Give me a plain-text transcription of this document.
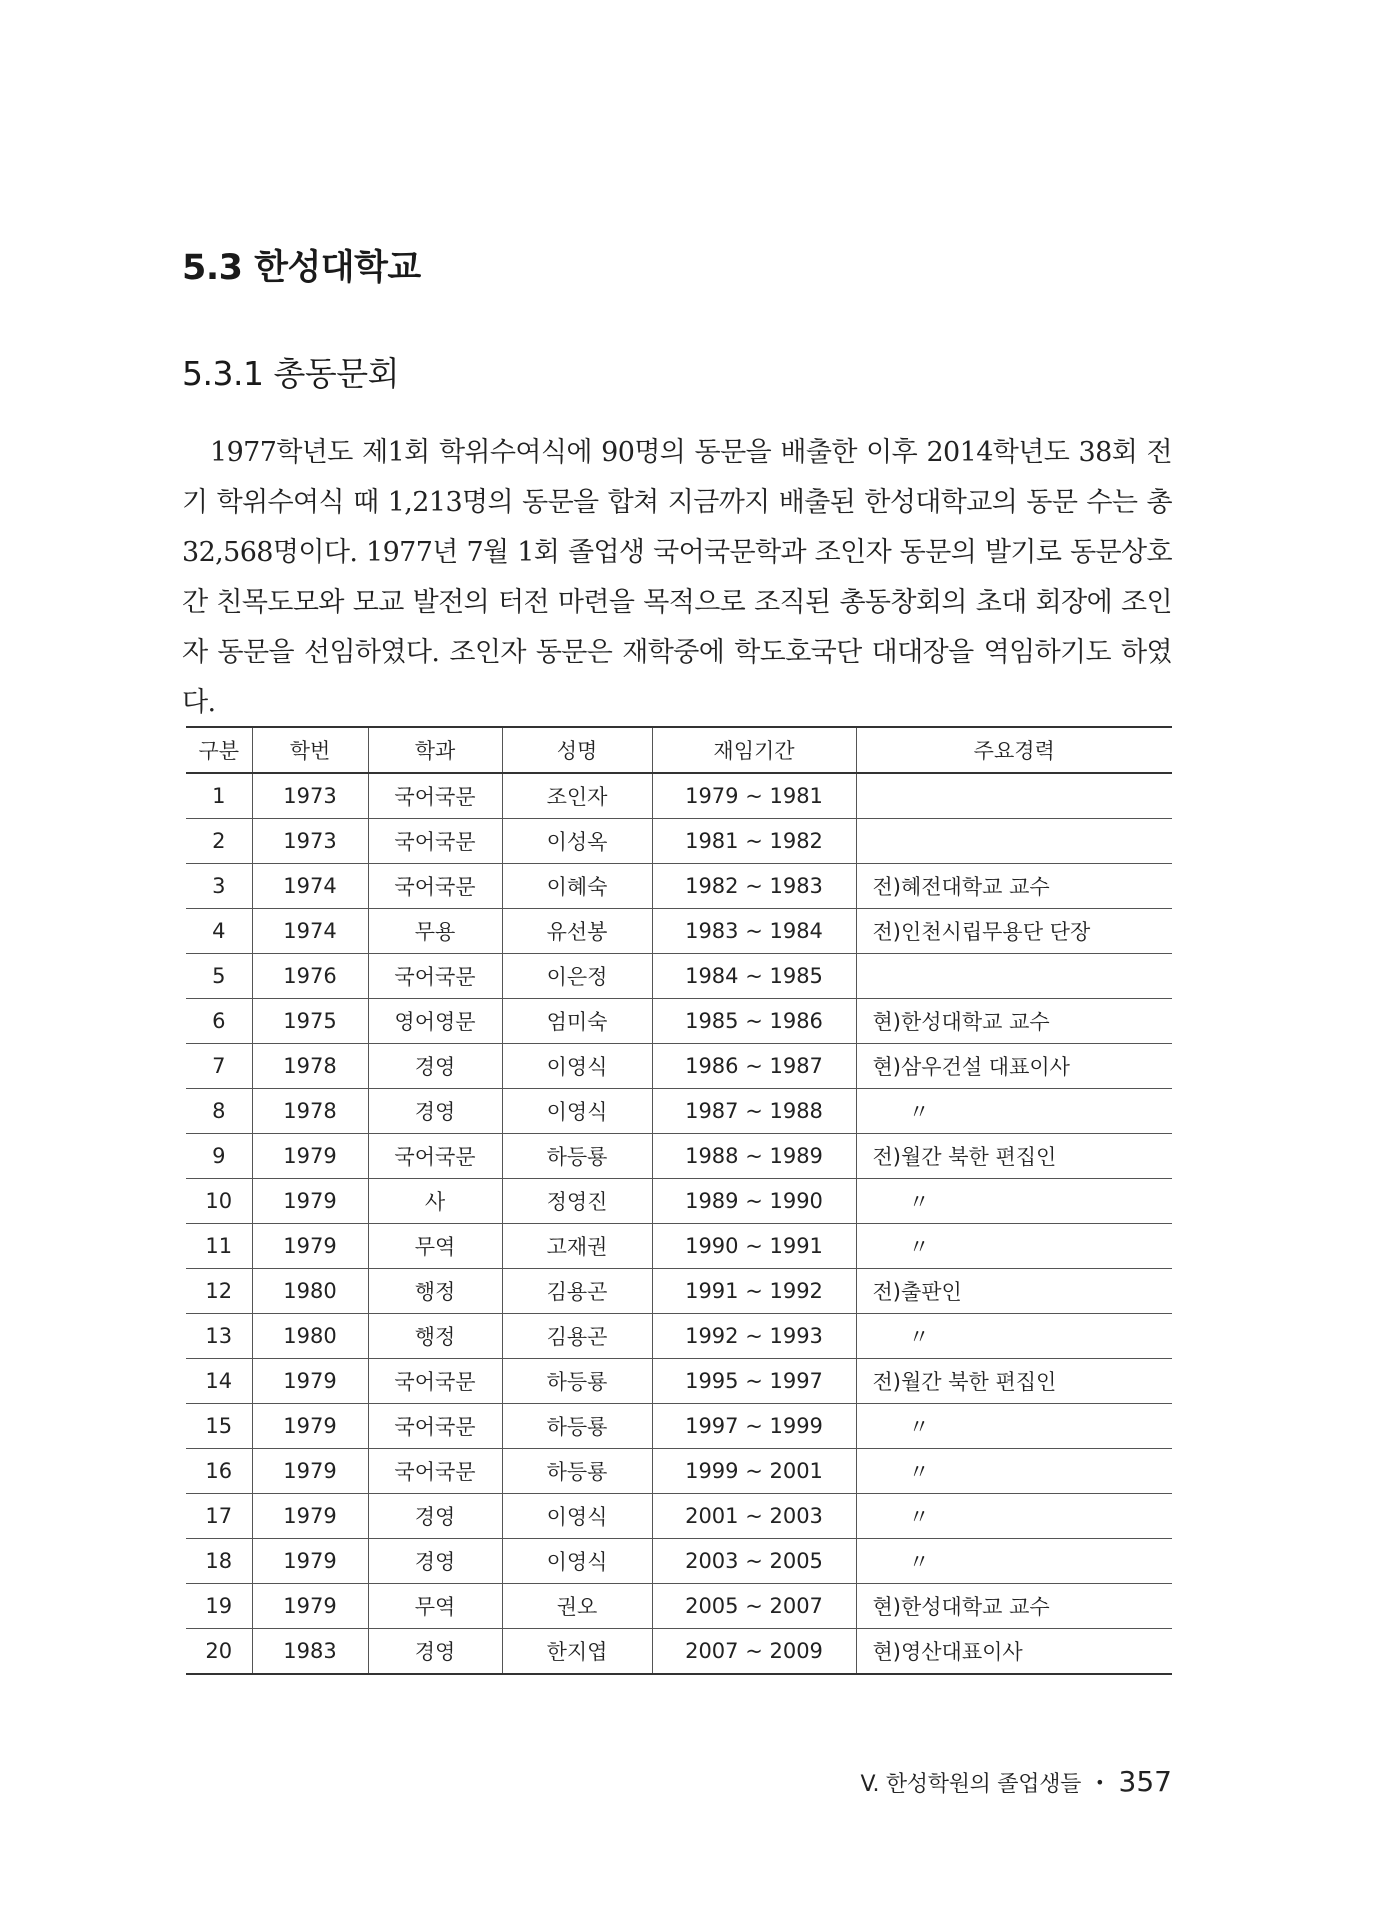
5.3 한성대학교
5.3.1 총동문회

1977학년도 제1회 학위수여식에 90명의 동문을 배출한 이후 2014학년도 38회 전기 학위수여식 때 1,213명의 동문을 합쳐 지금까지 배출된 한성대학교의 동문 수는 총 32,568명이다. 1977년 7월 1회 졸업생 국어국문학과 조인자 동문의 발기로 동문상호간 친목도모와 모교 발전의 터전 마련을 목적으로 조직된 총동창회의 초대 회장에 조인자 동문을 선임하였다. 조인자 동문은 재학중에 학도호국단 대대장을 역임하기도 하였다.

구분	학번	학과	성명	재임기간	주요경력
1	1973	국어국문	조인자	1979 ~ 1981	
2	1973	국어국문	이성옥	1981 ~ 1982	
3	1974	국어국문	이혜숙	1982 ~ 1983	전)혜전대학교 교수
4	1974	무용	유선봉	1983 ~ 1984	전)인천시립무용단 단장
5	1976	국어국문	이은정	1984 ~ 1985	
6	1975	영어영문	엄미숙	1985 ~ 1986	현)한성대학교 교수
7	1978	경영	이영식	1986 ~ 1987	현)삼우건설 대표이사
8	1978	경영	이영식	1987 ~ 1988	〃
9	1979	국어국문	하등룡	1988 ~ 1989	전)월간 북한 편집인
10	1979	사	정영진	1989 ~ 1990	〃
11	1979	무역	고재권	1990 ~ 1991	〃
12	1980	행정	김용곤	1991 ~ 1992	전)출판인
13	1980	행정	김용곤	1992 ~ 1993	〃
14	1979	국어국문	하등룡	1995 ~ 1997	전)월간 북한 편집인
15	1979	국어국문	하등룡	1997 ~ 1999	〃
16	1979	국어국문	하등룡	1999 ~ 2001	〃
17	1979	경영	이영식	2001 ~ 2003	〃
18	1979	경영	이영식	2003 ~ 2005	〃
19	1979	무역	권오	2005 ~ 2007	현)한성대학교 교수
20	1983	경영	한지엽	2007 ~ 2009	현)영산대표이사
V. 한성학원의 졸업생들 • 357
